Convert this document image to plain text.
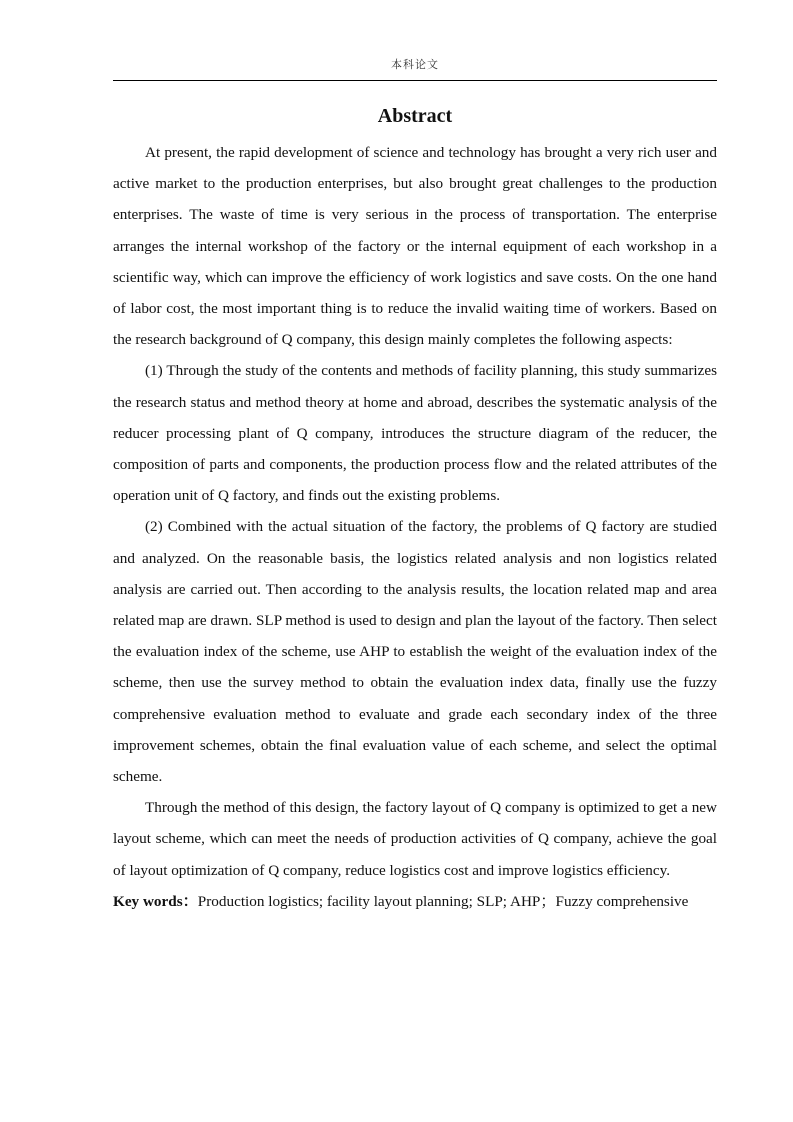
本科论文
Abstract

At present, the rapid development of science and technology has brought a very rich user and active market to the production enterprises, but also brought great challenges to the production enterprises. The waste of time is very serious in the process of transportation. The enterprise arranges the internal workshop of the factory or the internal equipment of each workshop in a scientific way, which can improve the efficiency of work logistics and save costs. On the one hand of labor cost, the most important thing is to reduce the invalid waiting time of workers. Based on the research background of Q company, this design mainly completes the following aspects:

(1) Through the study of the contents and methods of facility planning, this study summarizes the research status and method theory at home and abroad, describes the systematic analysis of the reducer processing plant of Q company, introduces the structure diagram of the reducer, the composition of parts and components, the production process flow and the related attributes of the operation unit of Q factory, and finds out the existing problems.

(2) Combined with the actual situation of the factory, the problems of Q factory are studied and analyzed. On the reasonable basis, the logistics related analysis and non logistics related analysis are carried out. Then according to the analysis results, the location related map and area related map are drawn. SLP method is used to design and plan the layout of the factory. Then select the evaluation index of the scheme, use AHP to establish the weight of the evaluation index of the scheme, then use the survey method to obtain the evaluation index data, finally use the fuzzy comprehensive evaluation method to evaluate and grade each secondary index of the three improvement schemes, obtain the final evaluation value of each scheme, and select the optimal scheme.

Through the method of this design, the factory layout of Q company is optimized to get a new layout scheme, which can meet the needs of production activities of Q company, achieve the goal of layout optimization of Q company, reduce logistics cost and improve logistics efficiency.

Key words：Production logistics; facility layout planning; SLP; AHP；Fuzzy comprehensive
